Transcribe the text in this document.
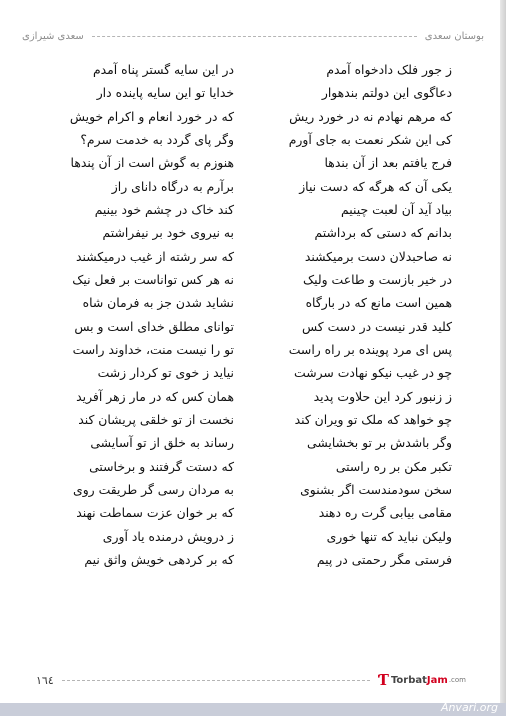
بوستان سعدی
سعدی شیرازی
ز جور فلک دادخواه آمدم
در این سایه گستر پناه آمدم
دعاگوی این دولتم بندهوار
خدایا تو این سایه پاینده دار
که مرهم نهادم نه در خورد ریش
که در خورد انعام و اکرام خویش
کی این شکر نعمت به جای آورم
وگر پای گردد به خدمت سرم؟
فرج یافتم بعد از آن بندها
هنوزم به گوش است از آن پندها
یکی آن که هرگه که دست نیاز
برآرم به درگاه دانای راز
بیاد آید آن لعبت چینیم
کند خاک در چشم خود بینیم
بدانم که دستی که برداشتم
به نیروی خود بر نیفراشتم
نه صاحبدلان دست برمیکشند
که سر رشته از غیب درمیکشند
در خیر بازست و طاعت ولیک
نه هر کس تواناست بر فعل نیک
همین است مانع که در بارگاه
نشاید شدن جز به فرمان شاه
کلید قدر نیست در دست کس
توانای مطلق خدای است و بس
پس ای مرد پوینده بر راه راست
تو را نیست منت، خداوند راست
چو در غیب نیکو نهادت سرشت
نیاید ز خوی تو کردار زشت
ز زنبور کرد این حلاوت پدید
همان کس که در مار زهر آفرید
چو خواهد که ملک تو ویران کند
نخست از تو خلقی پریشان کند
وگر باشدش بر تو بخشایشی
رساند به خلق از تو آسایشی
تکبر مکن بر ره راستی
که دستت گرفتند و برخاستی
سخن سودمندست اگر بشنوی
به مردان رسی گر طریقت روی
مقامی بیابی گرت ره دهند
که بر خوان عزت سماطت نهند
ولیکن نباید که تنها خوری
ز درویش درمنده یاد آوری
فرستی مگر رحمتی در پیم
که بر کردهی خویش واثق نیم
١٦٤	Ƭ Torbat Jam .com
Anvari.org
